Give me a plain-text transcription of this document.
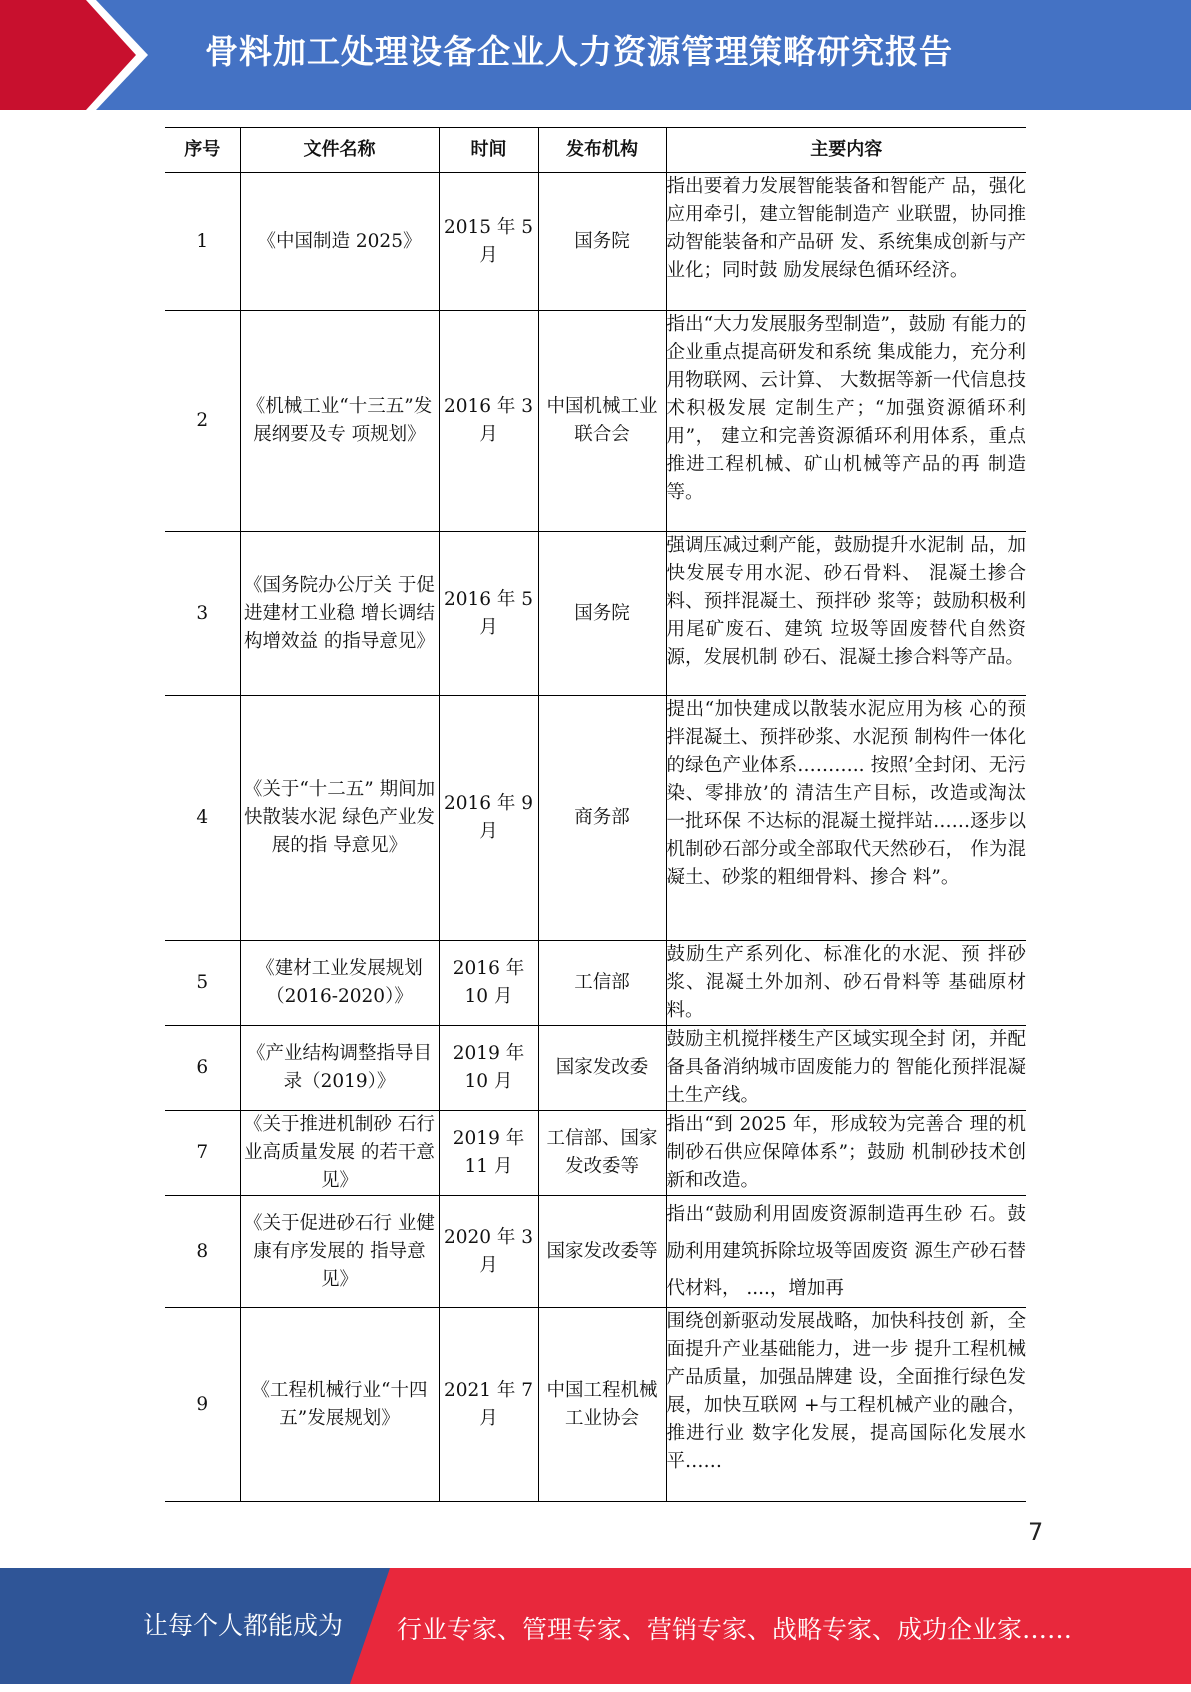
骨料加工处理设备企业人力资源管理策略研究报告
序号	文件名称	时间	发布机构	主要内容
1	《中国制造 2025》	2015 年 5 月	国务院	指出要着力发展智能装备和智能产 品，强化应用牵引，建立智能制造产 业联盟，协同推动智能装备和产品研 发、系统集成创新与产业化；同时鼓 励发展绿色循环经济。
2	《机械工业“十三五”发展纲要及专 项规划》	2016 年 3 月	中国机械工业联合会	指出“大力发展服务型制造”，鼓励 有能力的企业重点提高研发和系统 集成能力，充分利用物联网、云计算、 大数据等新一代信息技术积极发展 定制生产；“加强资源循环利用”， 建立和完善资源循环利用体系，重点 推进工程机械、矿山机械等产品的再 制造等。
3	《国务院办公厅关 于促进建材工业稳 增长调结构增效益 的指导意见》	2016 年 5 月	国务院	强调压减过剩产能，鼓励提升水泥制 品，加快发展专用水泥、砂石骨料、 混凝土掺合料、预拌混凝土、预拌砂 浆等；鼓励积极利用尾矿废石、建筑 垃圾等固废替代自然资源，发展机制 砂石、混凝土掺合料等产品。
4	《关于“十二五” 期间加快散装水泥 绿色产业发展的指 导意见》	2016 年 9 月	商务部	提出“加快建成以散装水泥应用为核 心的预拌混凝土、预拌砂浆、水泥预 制构件一体化的绿色产业体系……….. 按照’全封闭、无污染、零排放’的 清洁生产目标，改造或淘汰一批环保 不达标的混凝土搅拌站……逐步以 机制砂石部分或全部取代天然砂石， 作为混凝土、砂浆的粗细骨料、掺合 料”。
5	《建材工业发展规划（2016-2020）》	2016 年 10 月	工信部	鼓励生产系列化、标准化的水泥、预 拌砂浆、混凝土外加剂、砂石骨料等 基础原材料。
6	《产业结构调整指导目录（2019）》	2019 年 10 月	国家发改委	鼓励主机搅拌楼生产区域实现全封 闭，并配备具备消纳城市固废能力的 智能化预拌混凝土生产线。
7	《关于推进机制砂 石行业高质量发展 的若干意见》	2019 年 11 月	工信部、国家发改委等	指出“到 2025 年，形成较为完善合 理的机制砂石供应保障体系”；鼓励 机制砂技术创新和改造。
8	《关于促进砂石行 业健康有序发展的 指导意见》	2020 年 3 月	国家发改委等	指出“鼓励利用固废资源制造再生砂 石。鼓励利用建筑拆除垃圾等固废资 源生产砂石替代材料， ....，增加再
9	《工程机械行业“十四五”发展规划》	2021 年 7 月	中国工程机械工业协会	围绕创新驱动发展战略，加快科技创 新，全面提升产业基础能力，进一步 提升工程机械产品质量，加强品牌建 设，全面推行绿色发展，加快互联网 +与工程机械产业的融合，推进行业 数字化发展，提高国际化发展水 平……
7
让每个人都能成为 行业专家、管理专家、营销专家、战略专家、成功企业家……
